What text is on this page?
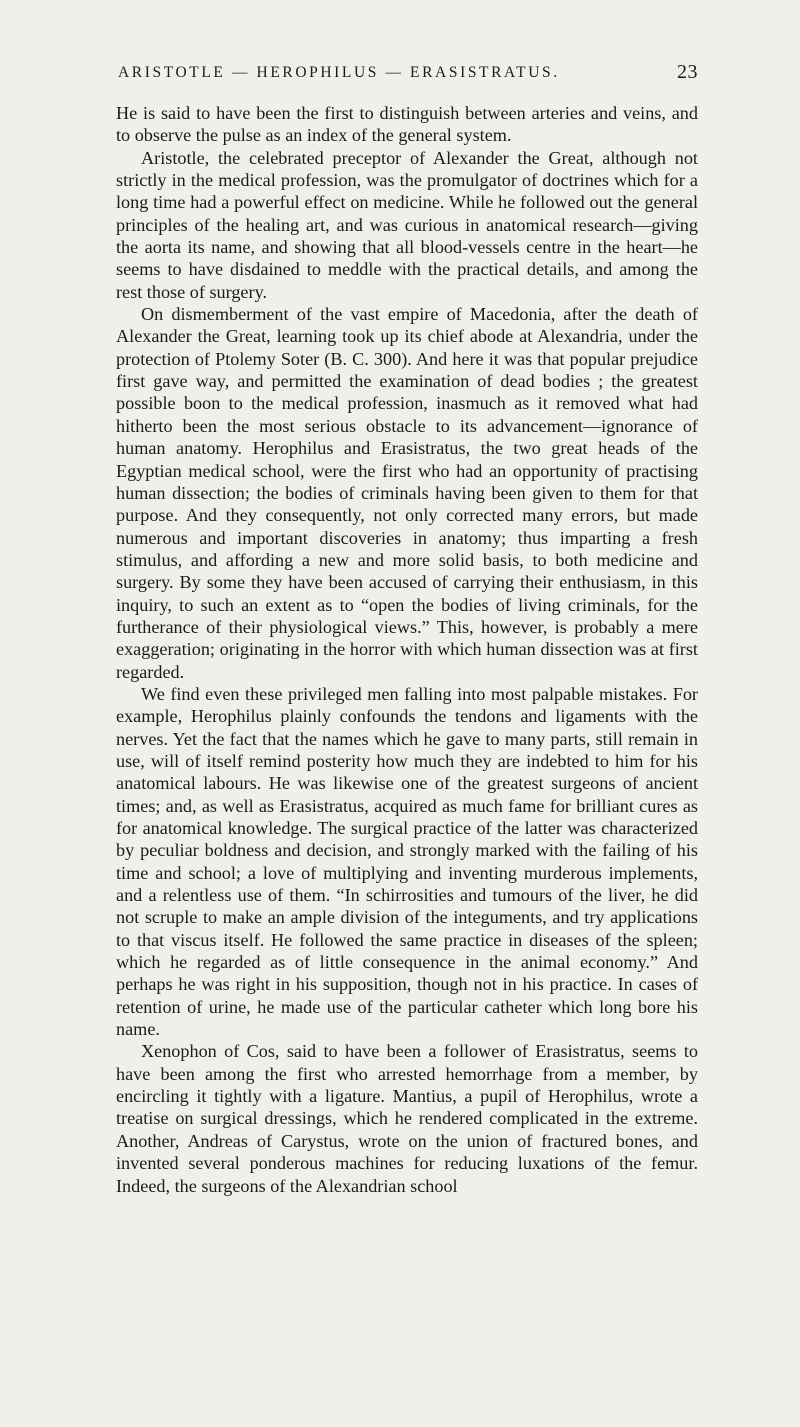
ARISTOTLE — HEROPHILUS — ERASISTRATUS.	23

He is said to have been the first to distinguish between arteries and veins, and to observe the pulse as an index of the general system.

Aristotle, the celebrated preceptor of Alexander the Great, although not strictly in the medical profession, was the promulgator of doctrines which for a long time had a powerful effect on medicine. While he followed out the general principles of the healing art, and was curious in anatomical research—giving the aorta its name, and showing that all blood-vessels centre in the heart—he seems to have disdained to meddle with the practical details, and among the rest those of surgery.

On dismemberment of the vast empire of Macedonia, after the death of Alexander the Great, learning took up its chief abode at Alexandria, under the protection of Ptolemy Soter (B. C. 300). And here it was that popular prejudice first gave way, and permitted the examination of dead bodies ; the greatest possible boon to the medical profession, inasmuch as it removed what had hitherto been the most serious obstacle to its advancement—ignorance of human anatomy. Herophilus and Erasistratus, the two great heads of the Egyptian medical school, were the first who had an opportunity of practising human dissection; the bodies of criminals having been given to them for that purpose. And they consequently, not only corrected many errors, but made numerous and important discoveries in anatomy; thus imparting a fresh stimulus, and affording a new and more solid basis, to both medicine and surgery. By some they have been accused of carrying their enthusiasm, in this inquiry, to such an extent as to “open the bodies of living criminals, for the furtherance of their physiological views.” This, however, is probably a mere exaggeration; originating in the horror with which human dissection was at first regarded.

We find even these privileged men falling into most palpable mistakes. For example, Herophilus plainly confounds the tendons and ligaments with the nerves. Yet the fact that the names which he gave to many parts, still remain in use, will of itself remind posterity how much they are indebted to him for his anatomical labours. He was likewise one of the greatest surgeons of ancient times; and, as well as Erasistratus, acquired as much fame for brilliant cures as for anatomical knowledge. The surgical practice of the latter was characterized by peculiar boldness and decision, and strongly marked with the failing of his time and school; a love of multiplying and inventing murderous implements, and a relentless use of them. “In schirrosities and tumours of the liver, he did not scruple to make an ample division of the integuments, and try applications to that viscus itself. He followed the same practice in diseases of the spleen; which he regarded as of little consequence in the animal economy.” And perhaps he was right in his supposition, though not in his practice. In cases of retention of urine, he made use of the particular catheter which long bore his name.

Xenophon of Cos, said to have been a follower of Erasistratus, seems to have been among the first who arrested hemorrhage from a member, by encircling it tightly with a ligature. Mantius, a pupil of Herophilus, wrote a treatise on surgical dressings, which he rendered complicated in the extreme. Another, Andreas of Carystus, wrote on the union of fractured bones, and invented several ponderous machines for reducing luxations of the femur. Indeed, the surgeons of the Alexandrian school
